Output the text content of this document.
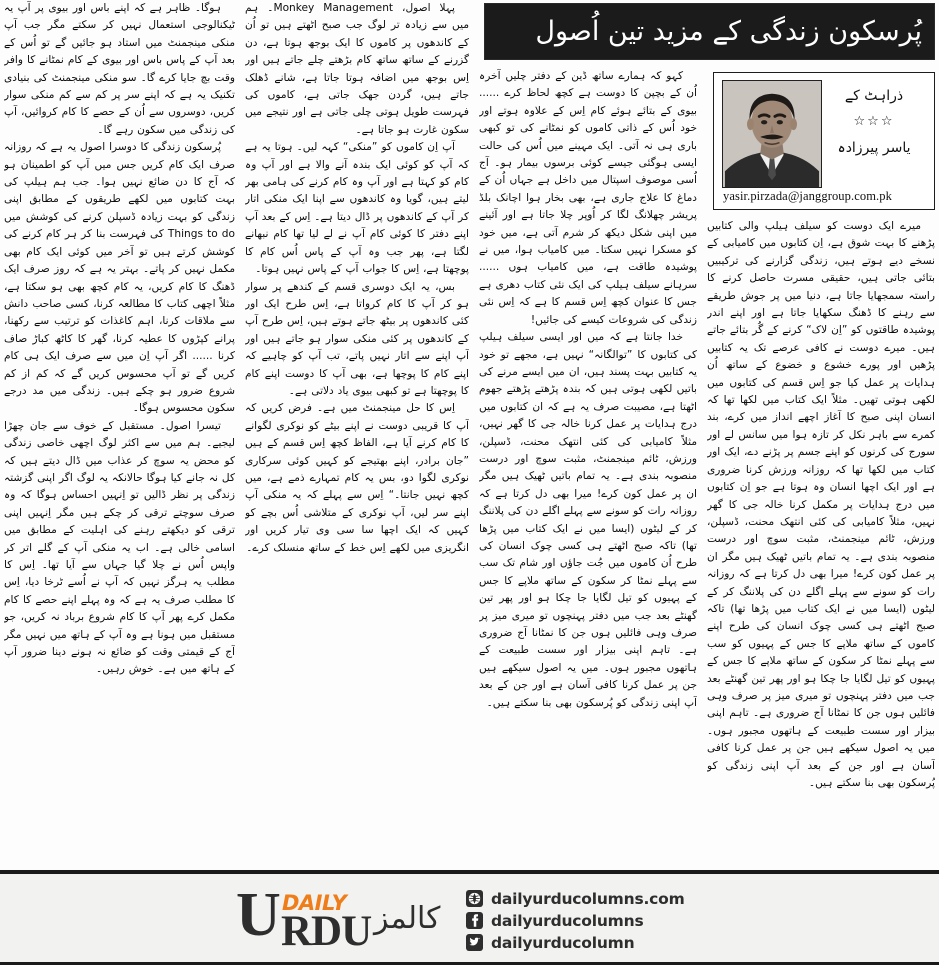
ہوگا۔ ظاہر ہے کہ اپنے باس اور بیوی پر آپ یہ ٹیکنالوجی استعمال نہیں کر سکتے مگر جب آپ منکی مینجمنٹ میں استاد ہو جائیں گے تو اُس کے بعد آپ کے پاس باس اور بیوی کے کام نمٹانے کا وافر وقت بچ جایا کرے گا۔ سو منکی مینجمنٹ کی بنیادی تکنیک یہ ہے کہ اپنے سر پر کم سے کم منکی سوار کریں، دوسروں سے اُن کے حصے کا کام کروائیں، آپ کی زندگی میں سکون رہے گا۔

پُرسکون زندگی کا دوسرا اصول یہ ہے کہ روزانہ صرف ایک کام کریں جس میں آپ کو اطمینان ہو کہ آج کا دن ضائع نہیں ہوا۔ جب ہم ہیلپ کی بہت کتابوں میں لکھے طریقوں کے مطابق اپنی زندگی کو بہت زیادہ ڈسپلن کرنے کی کوشش میں Things to do کی فہرست بنا کر ہر کام کرنے کی کوشش کرتے ہیں تو آخر میں کوئی ایک کام بھی مکمل نہیں کر پاتے۔ بہتر یہ ہے کہ روز صرف ایک ڈھنگ کا کام کریں، یہ کام کچھ بھی ہو سکتا ہے، مثلاً اچھی کتاب کا مطالعہ کرنا، کسی صاحب دانش سے ملاقات کرنا، اہم کاغذات کو ترتیب سے رکھنا، پرانے کپڑوں کا عطیہ کرنا، گھر کا کاٹھ کباڑ صاف کرنا ...... اگر آپ اِن میں سے صرف ایک ہی کام کریں گے تو آپ محسوس کریں گے کہ کم از کم شروع ضرور ہو چکے ہیں۔ زندگی میں مد درجے سکون محسوس ہوگا۔

تیسرا اصول۔ مستقبل کے خوف سے جان چھڑا لیجیے۔ ہم میں سے اکثر لوگ اچھی خاصی زندگی کو محض یہ سوچ کر عذاب میں ڈال دیتے ہیں کہ کل نہ جانے کیا ہوگا حالانکہ یہ لوگ اگر اپنی گزشتہ زندگی پر نظر ڈالیں تو اِنہیں احساس ہوگا کہ وہ صرف سوچتے ترقی کر چکے ہیں مگر اِنہیں اپنی ترقی کو دیکھتے رہنے کی اہلیت کے مطابق میں اسامی خالی ہے۔ اب یہ منکی آپ کے گلے اتر کر واپس اُس نے چلا گیا جہاں سے آیا تھا۔ اِس کا مطلب یہ ہرگز نہیں کہ آپ نے اُسے ٹرخا دیا، اِس کا مطلب صرف یہ ہے کہ وہ پہلے اپنے حصے کا کام مکمل کرے پھر آپ کا کام شروع برباد نہ کریں، جو مستقبل میں ہونا ہے وہ آپ کے ہاتھ میں نہیں مگر آج کے قیمتی وقت کو ضائع نہ ہونے دینا ضرور آپ کے ہاتھ میں ہے۔ خوش رہیں۔

پہلا اصول، Monkey Management۔ ہم میں سے زیادہ تر لوگ جب صبح اٹھتے ہیں تو اُن کے کاندھوں پر کاموں کا ایک بوجھ ہوتا ہے، دن گزرنے کے ساتھ ساتھ کام بڑھتے چلے جاتے ہیں اور اِس بوجھ میں اضافہ ہوتا جاتا ہے، شانے ڈھلک جاتے ہیں، گردن جھک جاتی ہے، کاموں کی فہرست طویل ہوتی چلی جاتی ہے اور نتیجے میں سکون غارت ہو جاتا ہے۔

آپ اِن کاموں کو ”منکی“ کہہ لیں۔ ہوتا یہ ہے کہ آپ کو کوئی ایک بندہ آنے والا ہے اور آپ وہ کام کو کہتا ہے اور آپ وہ کام کرنے کی ہامی بھر لیتے ہیں، گویا وہ کاندھوں سے اپنا ایک منکی اتار کر آپ کے کاندھوں پر ڈال دیتا ہے۔ اِس کے بعد آپ اپنے دفتر کا کوئی کام آپ نے لے لیا تھا کام نبھانے لگتا ہے، پھر جب وہ آپ کے پاس اُس کام کا پوچھتا ہے، اِس کا جواب آپ کے پاس نہیں ہوتا۔

بس، یہ ایک دوسری قسم کے کندھے پر سوار ہو کر آپ کا کام کرواتا ہے، اِس طرح ایک اور کئی کاندھوں پر بیٹھ جاتے ہوتے ہیں، اِس طرح آپ کے کاندھوں پر کئی منکی سوار ہو جاتے ہیں اور آپ اپنے سے اتار نہیں پاتے، تب آپ کو چاہیے کہ اپنے کام کا پوچھا ہے، بھی آپ کا دوست اپنے کام کا پوچھتا ہے تو کبھی بیوی یاد دلاتی ہے۔

اِس کا حل مینجمنٹ میں ہے۔ فرض کریں کہ آپ کا قریبی دوست نے اپنے بیٹے کو نوکری لگوانے کا کام کرنے آیا ہے، الفاظ کچھ اِس قسم کے ہیں ”جان برادر، اپنے بھتیجے کو کہیں کوئی سرکاری نوکری لگوا دو، بس یہ کام تمہارے ذمے ہے، میں کچھ نہیں جانتا۔“ اِس سے پہلے کہ یہ منکی آپ اپنے سر لیں، آپ نوکری کے متلاشی اُس بچے کو کہیں کہ ایک اچھا سا سی وی تیار کریں اور انگریزی میں لکھے اِس خط کے ساتھ منسلک کرے۔

کہو کہ ہمارے ساتھ ڈین کے دفتر چلیں آخرہ اُن کے بچپن کا دوست ہے کچھ لحاظ کرے ...... بیوی کے بتائے ہوئے کام اِس کے علاوہ ہوتے اور خود اُس کے ذاتی کاموں کو نمٹانے کی تو کبھی باری ہی نہ آتی۔ ایک مہینے میں اُس کی حالت ایسی ہوگئی جیسے کوئی برسوں بیمار ہو۔ آج اُسی موصوف اسپتال میں داخل ہے جہاں اُن کے دماغ کا علاج جاری ہے، بھی بخار ہوا اچانک بلڈ پریشر چھلانگ لگا کر اُوپر چلا جاتا ہے اور آئینے میں اپنی شکل دیکھ کر شرم آتی ہے، میں خود کو مسکرا نہیں سکتا۔ میں کامیاب ہوا، میں نے پوشیدہ طاقت ہے، میں کامیاب ہوں ...... سرہانے سیلف ہیلپ کی ایک نئی کتاب دھری ہے جس کا عنوان کچھ اِس قسم کا ہے کہ اِس نئی زندگی کی شروعات کیسے کی جائیں!

خدا جانتا ہے کہ میں اور ایسی سیلف ہیلپ کی کتابوں کا ”توالگانہ“ نہیں ہے، مجھے تو خود یہ کتابیں بہت پسند ہیں، ان میں ایسے مرنے کی باتیں لکھی ہوتی ہیں کہ بندہ پڑھتے پڑھتے جھوم اٹھتا ہے، مصیبت صرف یہ ہے کہ ان کتابوں میں درج ہدایات پر عمل کرنا خالہ جی کا گھر نہیں، مثلاً کامیابی کی کئی انتھک محنت، ڈسپلن، ورزش، ٹائم مینجمنٹ، مثبت سوچ اور درست منصوبہ بندی ہے۔ یہ تمام باتیں ٹھیک ہیں مگر ان پر عمل کون کرے! میرا بھی دل کرتا ہے کہ روزانہ رات کو سونے سے پہلے اگلے دن کی پلاننگ کر کے لیٹوں (ایسا میں نے ایک کتاب میں پڑھا تھا) تاکہ صبح اٹھتے ہی کسی چوک انسان کی طرح اُن کاموں میں جُت جاؤں اور شام تک سب سے پہلے نمٹا کر سکون کے ساتھ ملاپے کا جس کے پہیوں کو تیل لگایا جا چکا ہو اور پھر تین گھنٹے بعد جب میں دفتر پہنچوں تو میری میز پر صرف وہی فائلیں ہوں جن کا نمٹانا آج ضروری ہے۔ تاہم اپنی بیزار اور سست طبیعت کے ہاتھوں مجبور ہوں۔ میں یہ اصول سیکھے ہیں جن پر عمل کرنا کافی آسان ہے اور جن کے بعد آپ اپنی زندگی کو پُرسکون بھی بنا سکتے ہیں۔

میرے ایک دوست کو سیلف ہیلپ والی کتابیں پڑھنے کا بہت شوق ہے، اِن کتابوں میں کامیابی کے نسخے دیے ہوتے ہیں، زندگی گزارنے کی ترکیبیں بتائی جاتی ہیں، حقیقی مسرت حاصل کرنے کا راستہ سمجھایا جاتا ہے، دنیا میں پر جوش طریقے سے رہنے کا ڈھنگ سکھایا جاتا ہے اور اپنے اندر پوشیدہ طاقتوں کو ”اِن لاک“ کرنے کے گُر بتائے جاتے ہیں۔ میرے دوست نے کافی عرصے تک یہ کتابیں پڑھیں اور پورے خشوع و خضوع کے ساتھ اُن ہدایات پر عمل کیا جو اِس قسم کی کتابوں میں لکھی ہوتی تھیں۔ مثلاً ایک کتاب میں لکھا تھا کہ انسان اپنی صبح کا آغاز اچھے انداز میں کرے، بند کمرے سے باہر نکل کر تازہ ہوا میں سانس لے اور سورج کی کرنوں کو اپنے جسم پر پڑنے دے، ایک اور کتاب میں لکھا تھا کہ روزانہ ورزش کرنا ضروری ہے اور ایک اچھا انسان وہ ہوتا ہے جو اِن کتابوں میں درج ہدایات پر مکمل کرنا خالہ جی کا گھر نہیں، مثلاً کامیابی کی کئی انتھک محنت، ڈسپلن، ورزش، ٹائم مینجمنٹ، مثبت سوچ اور درست منصوبہ بندی ہے۔ یہ تمام باتیں ٹھیک ہیں مگر ان پر عمل کون کرے! میرا بھی دل کرتا ہے کہ روزانہ رات کو سونے سے پہلے اگلے دن کی پلاننگ کر کے لیٹوں (ایسا میں نے ایک کتاب میں پڑھا تھا) تاکہ صبح اٹھتے ہی کسی چوک انسان کی طرح اپنے کاموں کے ساتھ ملاپے کا جس کے پہیوں کو سب سے پہلے نمٹا کر سکون کے ساتھ ملاپے کا جس کے پہیوں کو تیل لگایا جا چکا ہو اور پھر تین گھنٹے بعد جب میں دفتر پہنچوں تو میری میز پر صرف وہی فائلیں ہوں جن کا نمٹانا آج ضروری ہے۔ تاہم اپنی بیزار اور سست طبیعت کے ہاتھوں مجبور ہوں۔ میں یہ اصول سیکھے ہیں جن پر عمل کرنا کافی آسان ہے اور جن کے بعد آپ اپنی زندگی کو پُرسکون بھی بنا سکتے ہیں۔

پُرسکون زندگی کے مزید تین اُصول
ذراہٹ کے
☆☆☆
یاسر پیرزادہ
yasir.pirzada@janggroup.com.pk
U DAILY
RDU کالمز
dailyurducolumns.com
dailyurducolumns
dailyurducolumn
